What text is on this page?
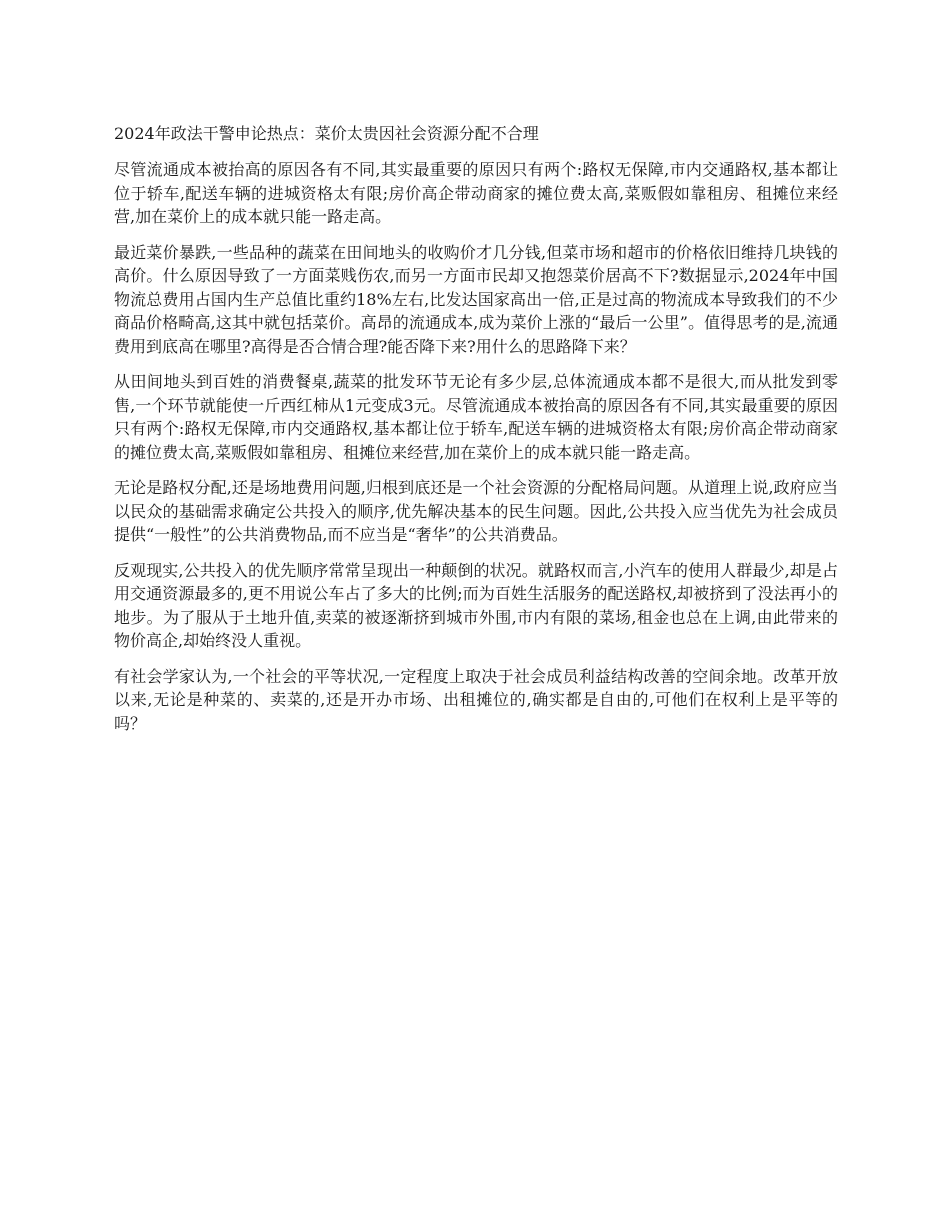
2024年政法干警申论热点：菜价太贵因社会资源分配不合理

尽管流通成本被抬高的原因各有不同,其实最重要的原因只有两个:路权无保障,市内交通路权,基本都让位于轿车,配送车辆的进城资格太有限;房价高企带动商家的摊位费太高,菜贩假如靠租房、租摊位来经营,加在菜价上的成本就只能一路走高。

最近菜价暴跌,一些品种的蔬菜在田间地头的收购价才几分钱,但菜市场和超市的价格依旧维持几块钱的高价。什么原因导致了一方面菜贱伤农,而另一方面市民却又抱怨菜价居高不下?数据显示,2024年中国物流总费用占国内生产总值比重约18%左右,比发达国家高出一倍,正是过高的物流成本导致我们的不少商品价格畸高,这其中就包括菜价。高昂的流通成本,成为菜价上涨的“最后一公里”。值得思考的是,流通费用到底高在哪里?高得是否合情合理?能否降下来?用什么的思路降下来？

从田间地头到百姓的消费餐桌,蔬菜的批发环节无论有多少层,总体流通成本都不是很大,而从批发到零售,一个环节就能使一斤西红柿从1元变成3元。尽管流通成本被抬高的原因各有不同,其实最重要的原因只有两个:路权无保障,市内交通路权,基本都让位于轿车,配送车辆的进城资格太有限;房价高企带动商家的摊位费太高,菜贩假如靠租房、租摊位来经营,加在菜价上的成本就只能一路走高。

无论是路权分配,还是场地费用问题,归根到底还是一个社会资源的分配格局问题。从道理上说,政府应当以民众的基础需求确定公共投入的顺序,优先解决基本的民生问题。因此,公共投入应当优先为社会成员提供“一般性”的公共消费物品,而不应当是“奢华”的公共消费品。

反观现实,公共投入的优先顺序常常呈现出一种颠倒的状况。就路权而言,小汽车的使用人群最少,却是占用交通资源最多的,更不用说公车占了多大的比例;而为百姓生活服务的配送路权,却被挤到了没法再小的地步。为了服从于土地升值,卖菜的被逐渐挤到城市外围,市内有限的菜场,租金也总在上调,由此带来的物价高企,却始终没人重视。

有社会学家认为,一个社会的平等状况,一定程度上取决于社会成员利益结构改善的空间余地。改革开放以来,无论是种菜的、卖菜的,还是开办市场、出租摊位的,确实都是自由的,可他们在权利上是平等的吗？
